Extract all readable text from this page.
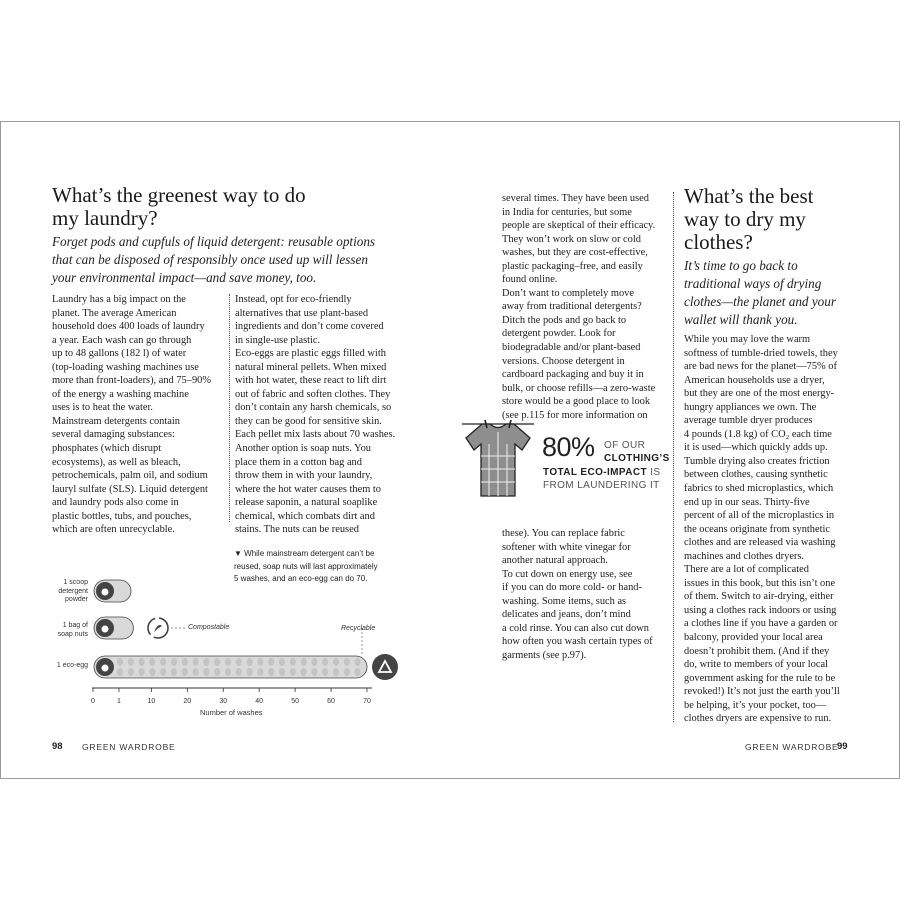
What’s the greenest way to do
my laundry?

Forget pods and cupfuls of liquid detergent: reusable options
that can be disposed of responsibly once used up will lessen
your environmental impact—and save money, too.

Laundry has a big impact on the
planet. The average American
household does 400 loads of laundry
a year. Each wash can go through
up to 48 gallons (182 l) of water
(top-loading washing machines use
more than front-loaders), and 75–90%
of the energy a washing machine
uses is to heat the water.
Mainstream detergents contain
several damaging substances:
phosphates (which disrupt
ecosystems), as well as bleach,
petrochemicals, palm oil, and sodium
lauryl sulfate (SLS). Liquid detergent
and laundry pods also come in
plastic bottles, tubs, and pouches,
which are often unrecyclable.
Instead, opt for eco-friendly
alternatives that use plant-based
ingredients and don’t come covered
in single-use plastic.
Eco-eggs are plastic eggs filled with
natural mineral pellets. When mixed
with hot water, these react to lift dirt
out of fabric and soften clothes. They
don’t contain any harsh chemicals, so
they can be good for sensitive skin.
Each pellet mix lasts about 70 washes.
Another option is soap nuts. You
place them in a cotton bag and
throw them in with your laundry,
where the hot water causes them to
release saponin, a natural soaplike
chemical, which combats dirt and
stains. The nuts can be reused
▼ While mainstream detergent can’t be
reused, soap nuts will last approximately
5 washes, and an eco-egg can do 70.
1 scoop
detergent
powder
1 bag of
soap nuts
1 eco-egg
0	1	10	20	30	40	50	60	70
Compostable	Recyclable
Number of washes
98 GREEN WARDROBE
several times. They have been used
in India for centuries, but some
people are skeptical of their efficacy.
They won’t work on slow or cold
washes, but they are cost-effective,
plastic packaging–free, and easily
found online.
Don’t want to completely move
away from traditional detergents?
Ditch the pods and go back to
detergent powder. Look for
biodegradable and/or plant-based
versions. Choose detergent in
cardboard packaging and buy it in
bulk, or choose refills—a zero-waste
store would be a good place to look
(see p.115 for more information on
80% OF OUR
CLOTHING’S
TOTAL ECO-IMPACT IS
FROM LAUNDERING IT
these). You can replace fabric
softener with white vinegar for
another natural approach.
To cut down on energy use, see
if you can do more cold- or hand-
washing. Some items, such as
delicates and jeans, don’t mind
a cold rinse. You can also cut down
how often you wash certain types of
garments (see p.97).
What’s the best
way to dry my
clothes?

It’s time to go back to
traditional ways of drying
clothes—the planet and your
wallet will thank you.

While you may love the warm
softness of tumble-dried towels, they
are bad news for the planet—75% of
American households use a dryer,
but they are one of the most energy-
hungry appliances we own. The
average tumble dryer produces
4 pounds (1.8 kg) of CO₂ each time
it is used—which quickly adds up.
Tumble drying also creates friction
between clothes, causing synthetic
fabrics to shed microplastics, which
end up in our seas. Thirty-five
percent of all of the microplastics in
the oceans originate from synthetic
clothes and are released via washing
machines and clothes dryers.
There are a lot of complicated
issues in this book, but this isn’t one
of them. Switch to air-drying, either
using a clothes rack indoors or using
a clothes line if you have a garden or
balcony, provided your local area
doesn’t prohibit them. (And if they
do, write to members of your local
government asking for the rule to be
revoked!) It’s not just the earth you’ll
be helping, it’s your pocket, too—
clothes dryers are expensive to run.
GREEN WARDROBE
99
